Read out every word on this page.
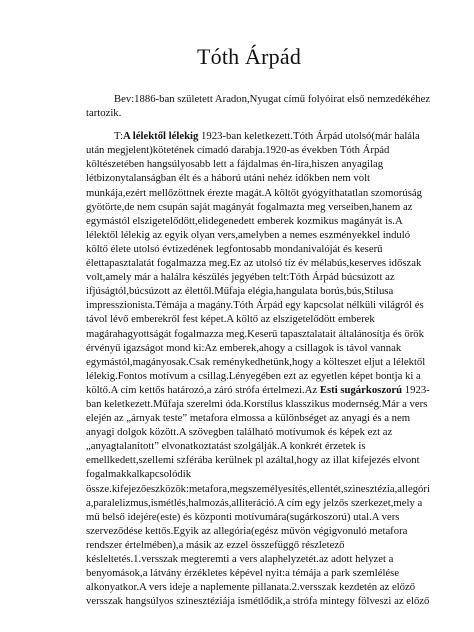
Tóth Árpád

Bev:1886-ban született Aradon,Nyugat című folyóirat első nemzedékéhez
tartozik.

T:A lélektől lélekig 1923-ban keletkezett.Tóth Árpád utolsó(már halála
után megjelent)kötetének címadó darabja.1920-as években Tóth Árpád
költészetében hangsúlyosabb lett a fájdalmas én-líra,hiszen anyagilag
létbizonytalanságban élt és a háború utáni nehéz időkben nem volt
munkája,ezért mellőzöttnek érezte magát.A költőt gyógyíthatatlan szomorúság
gyötörte,de nem csupán saját magányát fogalmazta meg verseiben,hanem az
egymástól elszigetelődött,elidegenedett emberek kozmikus magányát is.A
lélektől lélekig az egyik olyan vers,amelyben a nemes eszményekkel induló
költő élete utolsó évtizedének legfontosabb mondanivalóját és keserű
élettapasztalatát fogalmazza meg.Ez az utolsó tíz év mélabús,keserves időszak
volt,amely már a halálra készülés jegyében telt:Tóth Árpád búcsúzott az
ifjúságtól,búcsúzott az élettől.Műfaja elégia,hangulata borús,bús,Stilusa
impresszionista.Témája a magány.Tóth Árpád egy kapcsolat nélküli világról és
távol lévő emberekről fest képet.A költő az elszigetelődött emberek
magárahagyottságát fogalmazza meg.Keserű tapasztalatait általánosítja és örök
érvényű igazságot mond ki:Az emberek,ahogy a csillagok is távol vannak
egymástól,magányosak.Csak reménykedhetünk,hogy a költeszet eljut a lélektől
lélekig.Fontos motívum a csillag.Lényegében ezt az egyetlen képet bontja ki a
költő.A cím kettős határozó,a záró strófa értelmezi.Az Esti sugárkoszorú 1923-
ban keletkezett.Műfaja szerelmi óda.Korstílus klasszikus modernség.Már a vers
elején az „árnyak teste” metafora elmossa a különbséget az anyagi és a nem
anyagi dolgok között.A szövegben található motívumok és képek ezt az
„anyagtalanított” elvonatkoztatást szolgálják.A konkrét érzetek is
emellkedett,szellemi szférába kerülnek pl azáltal,hogy az illat kifejezés elvont
fogalmakkalkapcsolódik
össze.kifejezőeszközök:metafora,megszemélyesítés,ellentét,szinesztézia,allegóri
a,paralelizmus,ismétlés,halmozás,alliteráció.A cím egy jelzős szerkezet,mely a
mű belső idejére(este) és központi motívumára(sugárkoszorú) utal.A vers
szerveződése kettős.Egyik az allegória(egész művön végigvonuló metafora
rendszer értelmében),a másik az ezzel összefüggő részletező
késleltetés.1.versszak megteremti a vers alaphelyzetét.az adott helyzet a
benyomások,a látvány érzékletes képével nyit:a témája a park szemlélése
alkonyatkor.A vers ideje a naplemente pillanata.2.versszak kezdetén az előző
versszak hangsúlyos szinesztéziája ismétlődik,a strófa mintegy fölveszi az előző
